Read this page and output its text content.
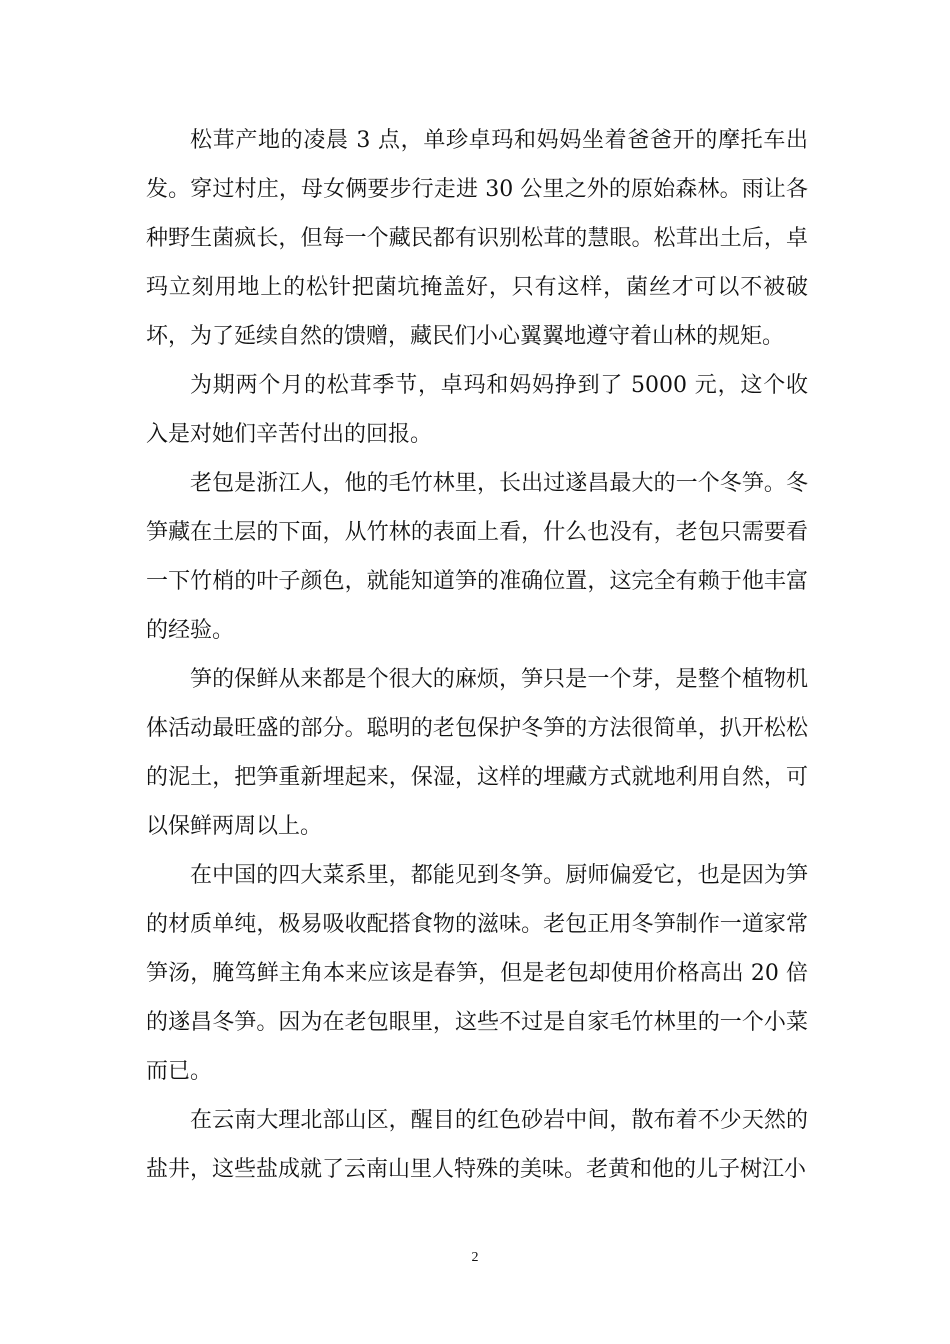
松茸产地的凌晨 3 点，单珍卓玛和妈妈坐着爸爸开的摩托车出发。穿过村庄，母女俩要步行走进 30 公里之外的原始森林。雨让各种野生菌疯长，但每一个藏民都有识别松茸的慧眼。松茸出土后，卓玛立刻用地上的松针把菌坑掩盖好，只有这样，菌丝才可以不被破坏，为了延续自然的馈赠，藏民们小心翼翼地遵守着山林的规矩。

为期两个月的松茸季节，卓玛和妈妈挣到了 5000 元，这个收入是对她们辛苦付出的回报。

老包是浙江人，他的毛竹林里，长出过遂昌最大的一个冬笋。冬笋藏在土层的下面，从竹林的表面上看，什么也没有，老包只需要看一下竹梢的叶子颜色，就能知道笋的准确位置，这完全有赖于他丰富的经验。

笋的保鲜从来都是个很大的麻烦，笋只是一个芽，是整个植物机体活动最旺盛的部分。聪明的老包保护冬笋的方法很简单，扒开松松的泥土，把笋重新埋起来，保湿，这样的埋藏方式就地利用自然，可以保鲜两周以上。

在中国的四大菜系里，都能见到冬笋。厨师偏爱它，也是因为笋的材质单纯，极易吸收配搭食物的滋味。老包正用冬笋制作一道家常笋汤，腌笃鲜主角本来应该是春笋，但是老包却使用价格高出 20 倍的遂昌冬笋。因为在老包眼里，这些不过是自家毛竹林里的一个小菜而已。

在云南大理北部山区，醒目的红色砂岩中间，散布着不少天然的盐井，这些盐成就了云南山里人特殊的美味。老黄和他的儿子树江小

2
